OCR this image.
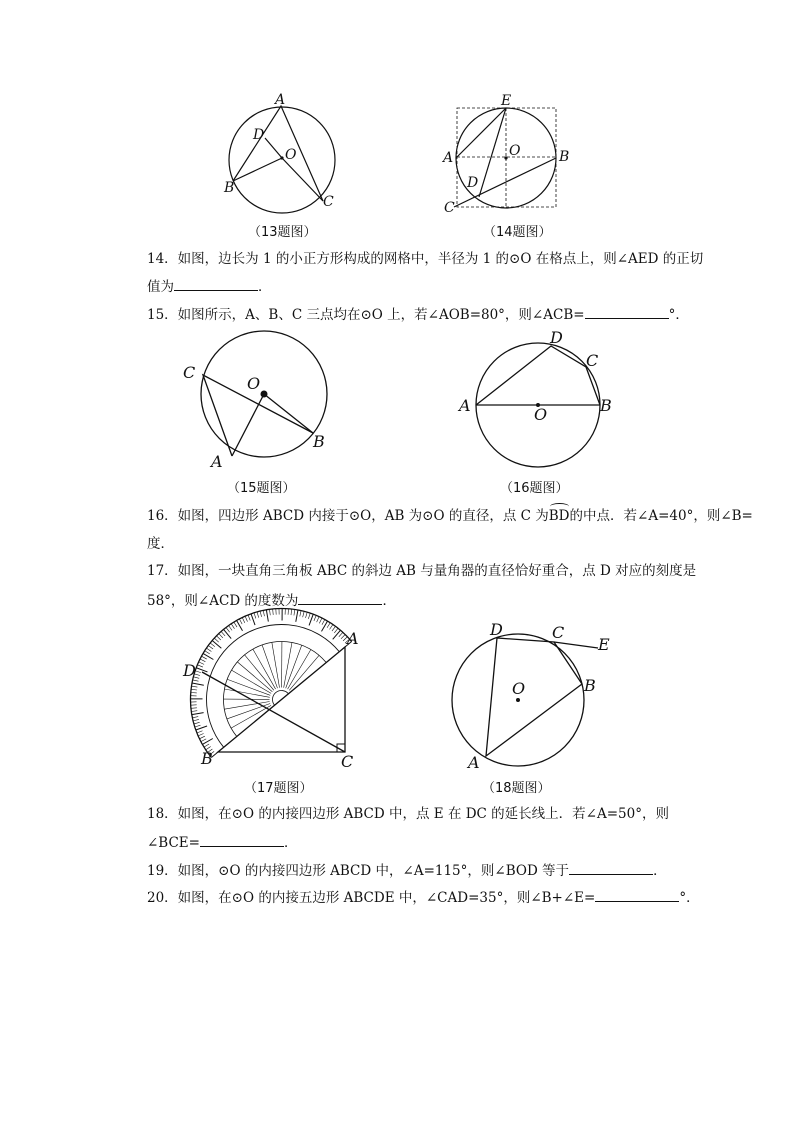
A
B
C
D
O
（13题图）
E
A	B
C
D
O
（14题图）
14．如图，边长为 1 的小正方形构成的网格中，半径为 1 的⊙O 在格点上，则∠AED 的正切
值为	．
15．如图所示，A、B、C 三点均在⊙O 上，若∠AOB=80°，则∠ACB=	°．
C
O
A
B
（15题图）
A	B
C
D
O
（16题图）
16．如图，四边形 ABCD 内接于⊙O，AB 为⊙O 的直径，点 C 为BD的中点．若∠A=40°，则∠B=
度．
17．如图，一块直角三角板 ABC 的斜边 AB 与量角器的直径恰好重合，点 D 对应的刻度是
58°，则∠ACD 的度数为	．
A
B	C
D
（17题图）
A
B
C
D
E
O
（18题图）
18．如图，在⊙O 的内接四边形 ABCD 中，点 E 在 DC 的延长线上．若∠A=50°，则
∠BCE=	．
19．如图，⊙O 的内接四边形 ABCD 中，∠A=115°，则∠BOD 等于	．
20．如图，在⊙O 的内接五边形 ABCDE 中，∠CAD=35°，则∠B+∠E=	°．
